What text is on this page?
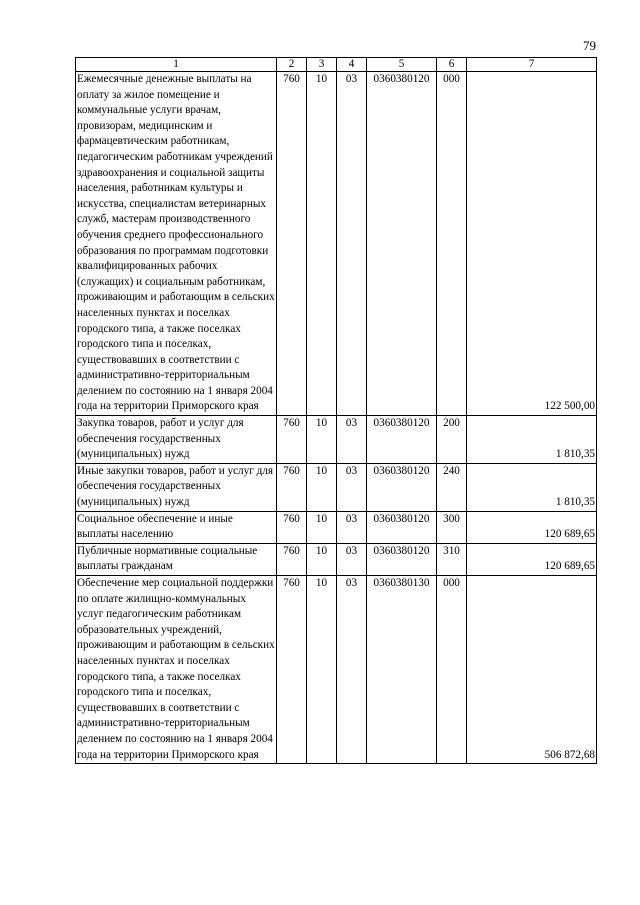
79
1	2	3	4	5	6	7
Ежемесячные денежные выплаты на оплату за жилое помещение и коммунальные услуги врачам, провизорам, медицинским и фармацевтическим работникам, педагогическим работникам учреждений здравоохранения и социальной защиты населения, работникам культуры и искусства, специалистам ветеринарных служб, мастерам производственного обучения среднего профессионального образования по программам подготовки квалифицированных рабочих (служащих) и социальным работникам, проживающим и работающим в сельских населенных пунктах и поселках городского типа, а также поселках городского типа и поселках, существовавших в соответствии с административно-территориальным делением по состоянию на 1 января 2004 года на территории Приморского края	760	10	03	0360380120	000	122 500,00
Закупка товаров, работ и услуг для обеспечения государственных (муниципальных) нужд	760	10	03	0360380120	200	1 810,35
Иные закупки товаров, работ и услуг для обеспечения государственных (муниципальных) нужд	760	10	03	0360380120	240	1 810,35
Социальное обеспечение и иные выплаты населению	760	10	03	0360380120	300	120 689,65
Публичные нормативные социальные выплаты гражданам	760	10	03	0360380120	310	120 689,65
Обеспечение мер социальной поддержки по оплате жилищно-коммунальных услуг педагогическим работникам образовательных учреждений, проживающим и работающим в сельских населенных пунктах и поселках городского типа, а также поселках городского типа и поселках, существовавших в соответствии с административно-территориальным делением по состоянию на 1 января 2004 года на территории Приморского края	760	10	03	0360380130	000	506 872,68
